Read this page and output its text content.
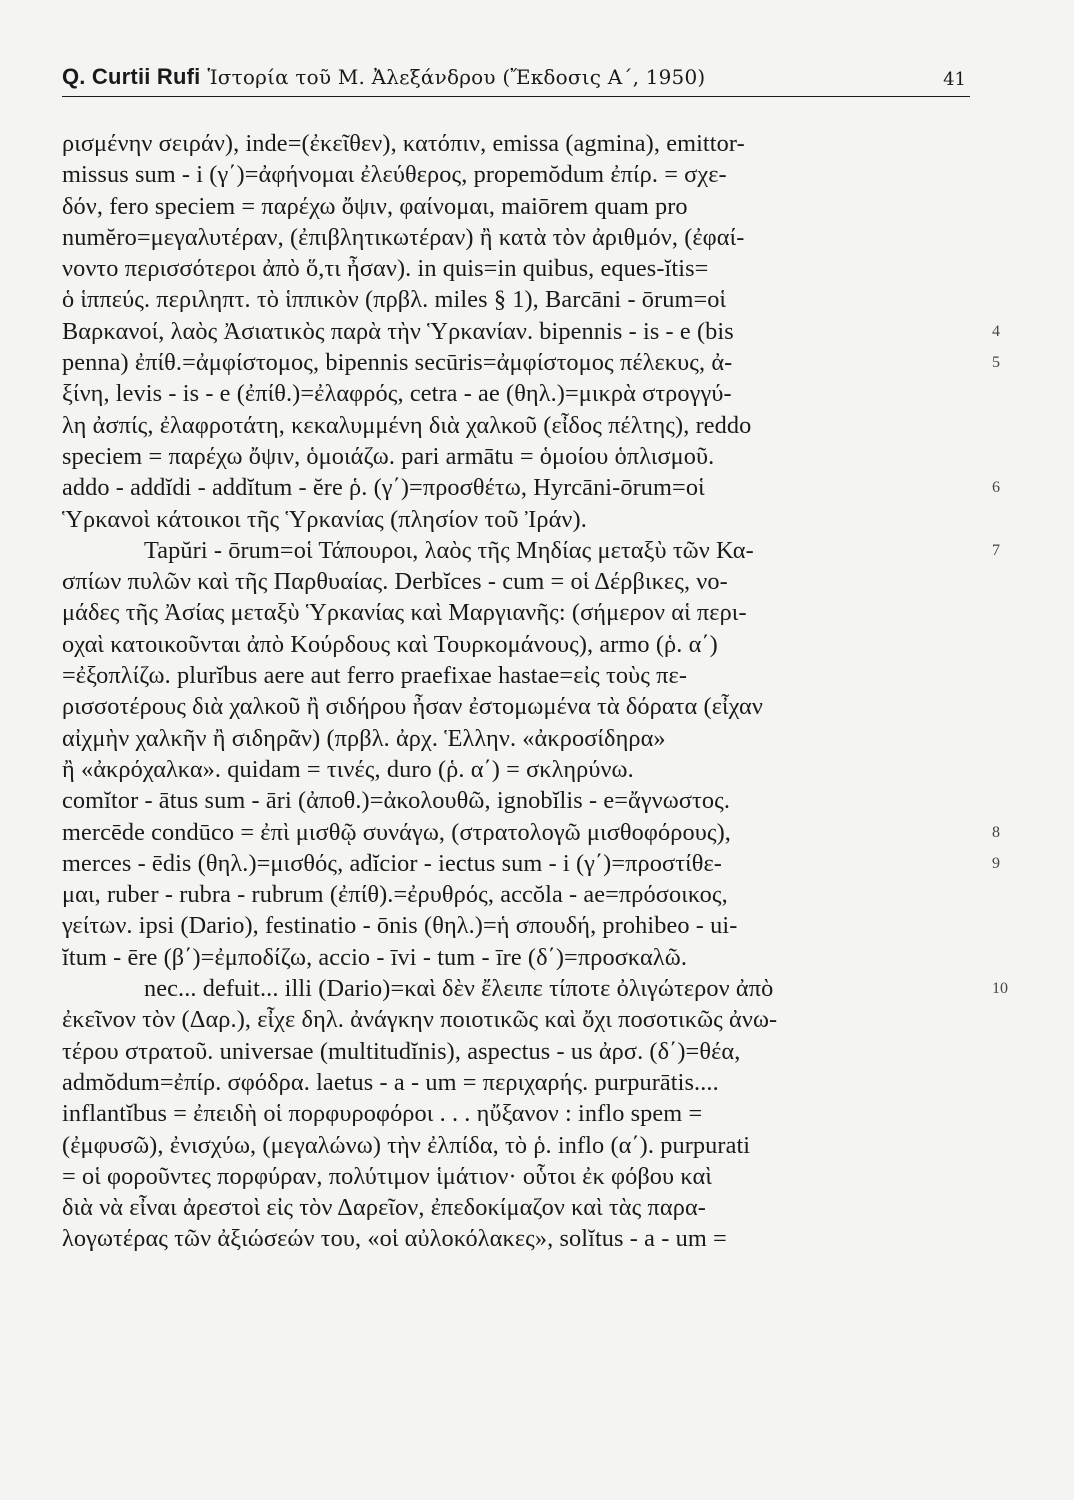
Q. Curtii Rufi Ἱστορία τοῦ Μ. Ἀλεξάνδρου (Ἔκδοσις Α΄, 1950)	41
ρισμένην σειράν), inde=(ἐκεῖθεν), κατόπιν, emissa (agmina), emittor-
missus sum - i (γ΄)=ἀφήνομαι ἐλεύθερος, propemŏdum ἐπίρ. = σχε-
δόν, fero speciem = παρέχω ὄψιν, φαίνομαι, maiōrem quam pro
numĕro=μεγαλυτέραν, (ἐπιβλητικωτέραν) ἢ κατὰ τὸν ἀριθμόν, (ἐφαί-
νοντο περισσότεροι ἀπὸ ὅ,τι ἦσαν). in quis=in quibus, eques-ĭtis=
ὁ ἱππεύς. περιληπτ. τὸ ἱππικὸν (πρβλ. miles § 1), Barcāni - ōrum=οἱ
Βαρκανοί, λαὸς Ἀσιατικὸς παρὰ τὴν Ὑρκανίαν. bipennis - is - e (bis
penna) ἐπίθ.=ἀμφίστομος, bipennis secūris=ἀμφίστομος πέλεκυς, ἀ-
ξίνη, levis - is - e (ἐπίθ.)=ἐλαφρός, cetra - ae (θηλ.)=μικρὰ στρογγύ-
λη ἀσπίς, ἐλαφροτάτη, κεκαλυμμένη διὰ χαλκοῦ (εἶδος πέλτης), reddo
speciem = παρέχω ὄψιν, ὁμοιάζω. pari armātu = ὁμοίου ὁπλισμοῦ.
addo - addĭdi - addĭtum - ĕre ῥ. (γ΄)=προσθέτω, Hyrcāni-ōrum=οἱ
Ὑρκανοὶ κάτοικοι τῆς Ὑρκανίας (πλησίον τοῦ Ἰράν).
Tapŭri - ōrum=οἱ Τάπουροι, λαὸς τῆς Μηδίας μεταξὺ τῶν Κα-
σπίων πυλῶν καὶ τῆς Παρθυαίας. Derbĭces - cum = οἱ Δέρβικες, νο-
μάδες τῆς Ἀσίας μεταξὺ Ὑρκανίας καὶ Μαργιανῆς: (σήμερον αἱ περι-
οχαὶ κατοικοῦνται ἀπὸ Κούρδους καὶ Τουρκομάνους), armo (ῥ. α΄)
=ἐξοπλίζω. plurĭbus aere aut ferro praefixae hastae=εἰς τοὺς πε-
ρισσοτέρους διὰ χαλκοῦ ἢ σιδήρου ἦσαν ἐστομωμένα τὰ δόρατα (εἶχαν
αἰχμὴν χαλκῆν ἢ σιδηρᾶν) (πρβλ. ἀρχ. Ἑλλην. «ἀκροσίδηρα»
ἢ «ἀκρόχαλκα». quidam = τινές, duro (ῥ. α΄) = σκληρύνω.
comĭtor - ātus sum - āri (ἀποθ.)=ἀκολουθῶ, ignobĭlis - e=ἄγνωστος.
mercēde condūco = ἐπὶ μισθῷ συνάγω, (στρατολογῶ μισθοφόρους),
merces - ēdis (θηλ.)=μισθός, adĭcior - iectus sum - i (γ΄)=προστίθε-
μαι, ruber - rubra - rubrum (ἐπίθ).=ἐρυθρός, accŏla - ae=πρόσοικος,
γείτων. ipsi (Dario), festinatio - ōnis (θηλ.)=ἡ σπουδή, prohibeo - ui-
ĭtum - ēre (β΄)=ἐμποδίζω, accio - īvi - tum - īre (δ΄)=προσκαλῶ.
nec... defuit... illi (Dario)=καὶ δὲν ἔλειπε τίποτε ὀλιγώτερον ἀπὸ
ἐκεῖνον τὸν (Δαρ.), εἶχε δηλ. ἀνάγκην ποιοτικῶς καὶ ὄχι ποσοτικῶς ἀνω-
τέρου στρατοῦ. universae (multitudĭnis), aspectus - us ἀρσ. (δ΄)=θέα,
admŏdum=ἐπίρ. σφόδρα. laetus - a - um = περιχαρής. purpurātis....
inflantĭbus = ἐπειδὴ οἱ πορφυροφόροι . . . ηὔξανον : inflo spem =
(ἐμφυσῶ), ἐνισχύω, (μεγαλώνω) τὴν ἐλπίδα, τὸ ῥ. inflo (α΄). purpurati
= οἱ φοροῦντες πορφύραν, πολύτιμον ἱμάτιον· οὗτοι ἐκ φόβου καὶ
διὰ νὰ εἶναι ἀρεστοὶ εἰς τὸν Δαρεῖον, ἐπεδοκίμαζον καὶ τὰς παρα-
λογωτέρας τῶν ἀξιώσεών του, «οἱ αὐλοκόλακες», solĭtus - a - um =
4
5
6
7
8
9
10
